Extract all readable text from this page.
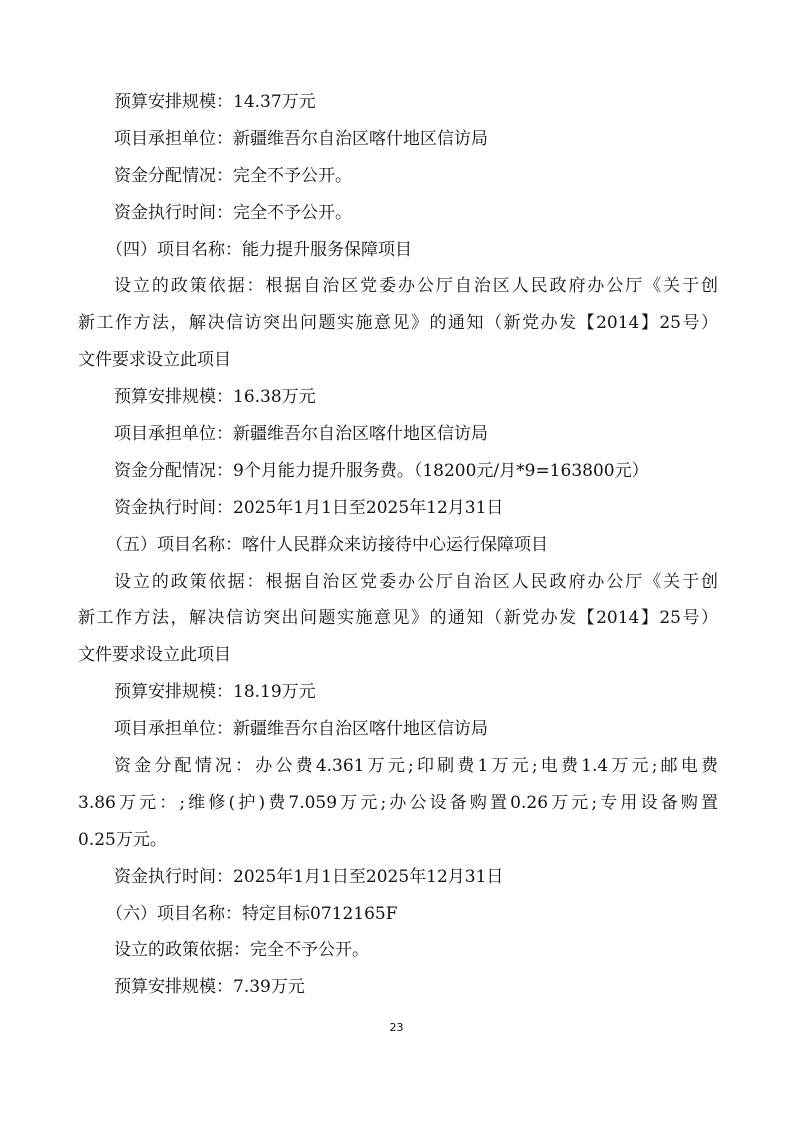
预算安排规模：14.37万元
项目承担单位：新疆维吾尔自治区喀什地区信访局
资金分配情况：完全不予公开。
资金执行时间：完全不予公开。
（四）项目名称：能力提升服务保障项目
设立的政策依据：根据自治区党委办公厅自治区人民政府办公厅《关于创
新工作方法，解决信访突出问题实施意见》的通知（新党办发【2014】25号）
文件要求设立此项目
预算安排规模：16.38万元
项目承担单位：新疆维吾尔自治区喀什地区信访局
资金分配情况：9个月能力提升服务费。（18200元/月*9=163800元）
资金执行时间：2025年1月1日至2025年12月31日
（五）项目名称：喀什人民群众来访接待中心运行保障项目
设立的政策依据：根据自治区党委办公厅自治区人民政府办公厅《关于创
新工作方法，解决信访突出问题实施意见》的通知（新党办发【2014】25号）
文件要求设立此项目
预算安排规模：18.19万元
项目承担单位：新疆维吾尔自治区喀什地区信访局
资金分配情况：办公费4.361万元;印刷费1万元;电费1.4万元;邮电费
3.86万元：;维修(护)费7.059万元;办公设备购置0.26万元;专用设备购置
0.25万元。
资金执行时间：2025年1月1日至2025年12月31日
（六）项目名称：特定目标0712165F
设立的政策依据：完全不予公开。
预算安排规模：7.39万元
23
